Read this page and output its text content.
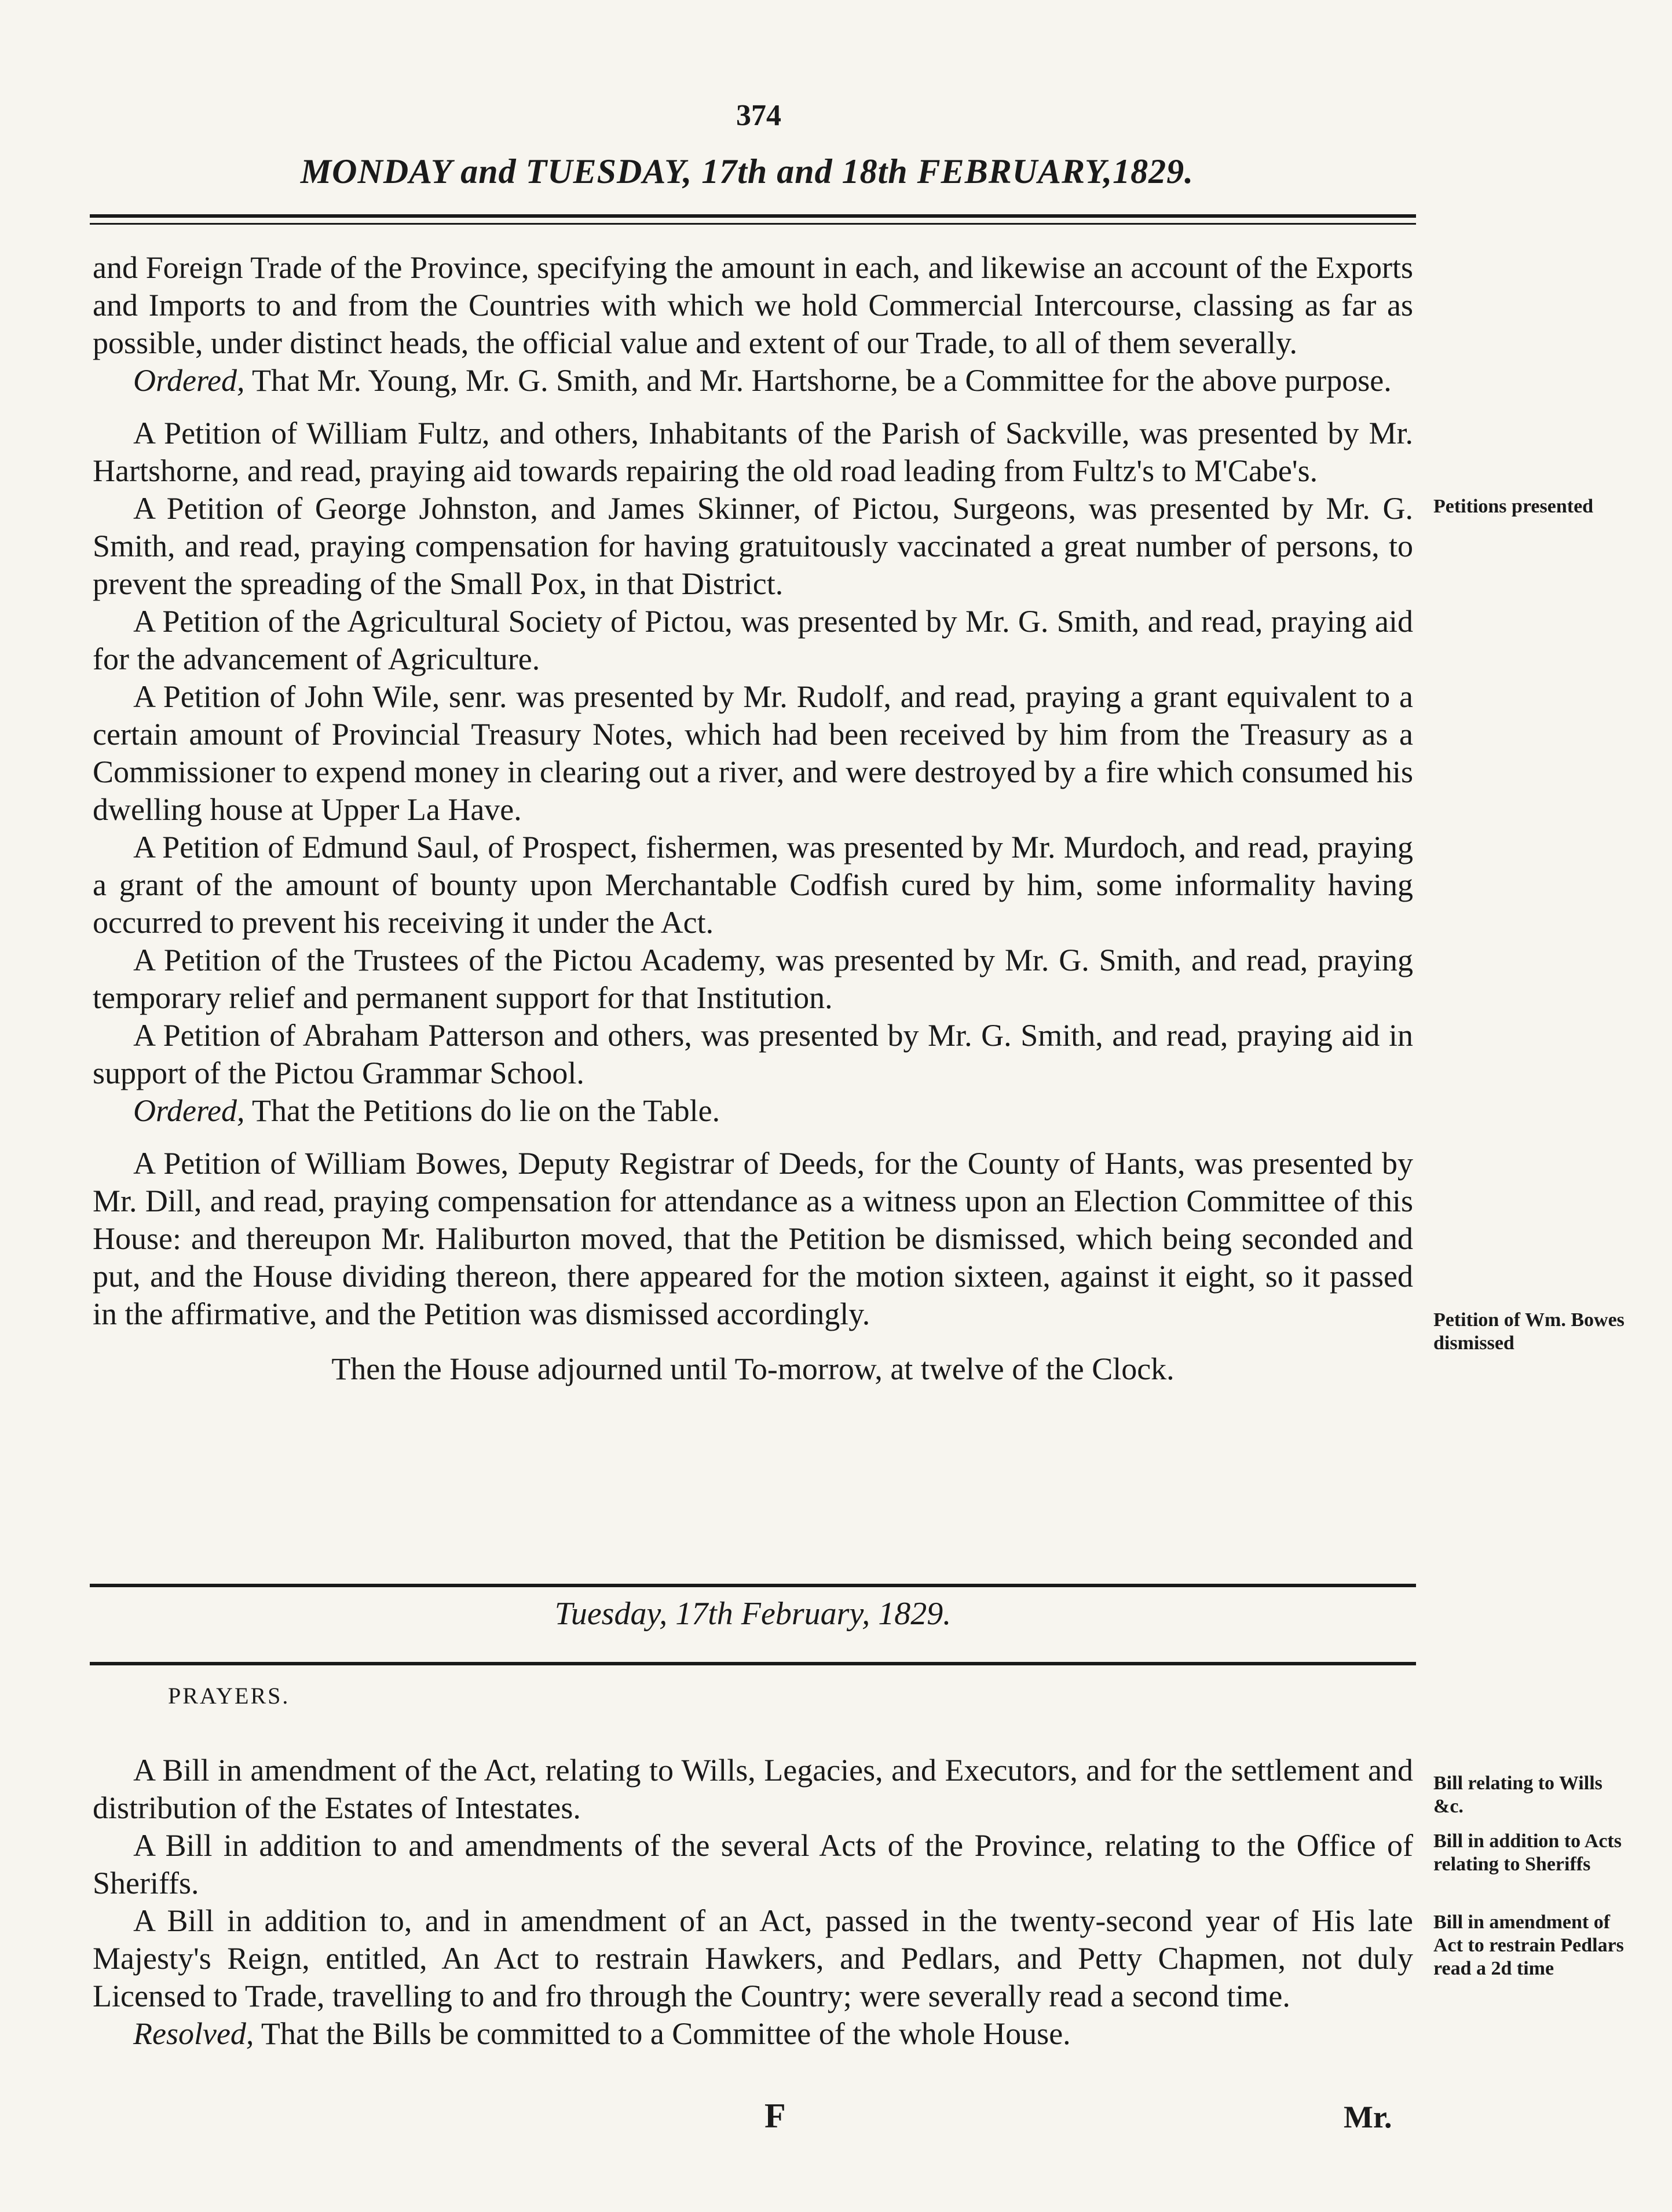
374
MONDAY and TUESDAY, 17th and 18th FEBRUARY,1829.

and Foreign Trade of the Province, specifying the amount in each, and likewise an account of the Exports and Imports to and from the Countries with which we hold Commercial Intercourse, classing as far as possible, under distinct heads, the official value and extent of our Trade, to all of them severally.

Ordered, That Mr. Young, Mr. G. Smith, and Mr. Hartshorne, be a Committee for the above purpose.

A Petition of William Fultz, and others, Inhabitants of the Parish of Sackville, was presented by Mr. Hartshorne, and read, praying aid towards repairing the old road leading from Fultz's to M'Cabe's.

A Petition of George Johnston, and James Skinner, of Pictou, Surgeons, was presented by Mr. G. Smith, and read, praying compensation for having gratuitously vaccinated a great number of persons, to prevent the spreading of the Small Pox, in that District.

A Petition of the Agricultural Society of Pictou, was presented by Mr. G. Smith, and read, praying aid for the advancement of Agriculture.

A Petition of John Wile, senr. was presented by Mr. Rudolf, and read, praying a grant equivalent to a certain amount of Provincial Treasury Notes, which had been received by him from the Treasury as a Commissioner to expend money in clearing out a river, and were destroyed by a fire which consumed his dwelling house at Upper La Have.

A Petition of Edmund Saul, of Prospect, fishermen, was presented by Mr. Murdoch, and read, praying a grant of the amount of bounty upon Merchantable Codfish cured by him, some informality having occurred to prevent his receiving it under the Act.

A Petition of the Trustees of the Pictou Academy, was presented by Mr. G. Smith, and read, praying temporary relief and permanent support for that Institution.

A Petition of Abraham Patterson and others, was presented by Mr. G. Smith, and read, praying aid in support of the Pictou Grammar School.

Ordered, That the Petitions do lie on the Table.

A Petition of William Bowes, Deputy Registrar of Deeds, for the County of Hants, was presented by Mr. Dill, and read, praying compensation for attendance as a witness upon an Election Committee of this House: and thereupon Mr. Haliburton moved, that the Petition be dismissed, which being seconded and put, and the House dividing thereon, there appeared for the motion sixteen, against it eight, so it passed in the affirmative, and the Petition was dismissed accordingly.

Then the House adjourned until To-morrow, at twelve of the Clock.

Tuesday, 17th February, 1829.
PRAYERS.

A Bill in amendment of the Act, relating to Wills, Legacies, and Executors, and for the settlement and distribution of the Estates of Intestates.

A Bill in addition to and amendments of the several Acts of the Province, relating to the Office of Sheriffs.

A Bill in addition to, and in amendment of an Act, passed in the twenty-second year of His late Majesty's Reign, entitled, An Act to restrain Hawkers, and Pedlars, and Petty Chapmen, not duly Licensed to Trade, travelling to and fro through the Country; were severally read a second time.

Resolved, That the Bills be committed to a Committee of the whole House.

Petitions presented
Petition of Wm. Bowes dismissed
Bill relating to Wills &c.
Bill in addition to Acts relating to Sheriffs
Bill in amendment of Act to restrain Pedlars read a 2d time
F	Mr.
